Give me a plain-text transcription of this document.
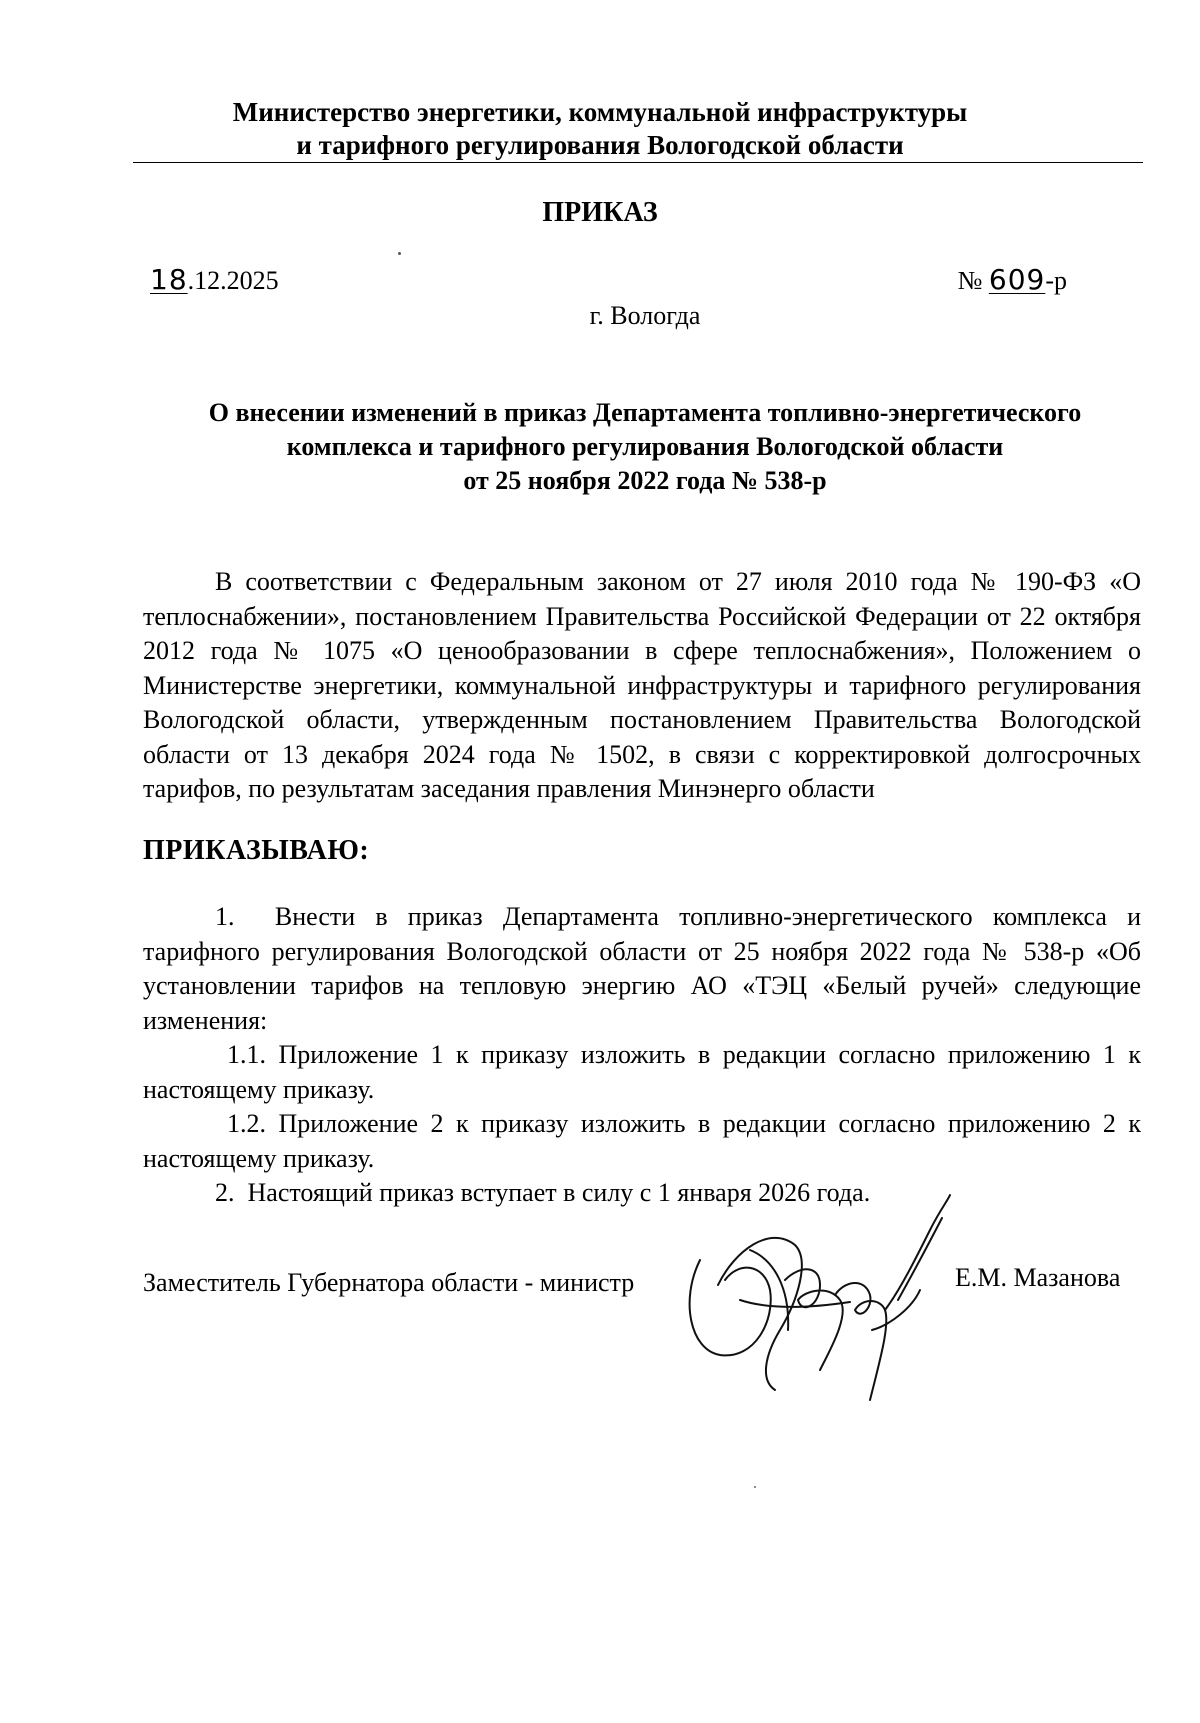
Министерство энергетики, коммунальной инфраструктуры
и тарифного регулирования Вологодской области
ПРИКАЗ
18.12.2025	№ 609-р
г. Вологда
О внесении изменений в приказ Департамента топливно-энергетического
комплекса и тарифного регулирования Вологодской области
от 25 ноября 2022 года № 538-р

В соответствии с Федеральным законом от 27 июля 2010 года № 190-ФЗ «О теплоснабжении», постановлением Правительства Российской Федерации от 22 октября 2012 года № 1075 «О ценообразовании в сфере теплоснабжения», Положением о Министерстве энергетики, коммунальной инфраструктуры и тарифного регулирования Вологодской области, утвержденным постановлением Правительства Вологодской области от 13 декабря 2024 года № 1502, в связи с корректировкой долгосрочных тарифов, по результатам заседания правления Минэнерго области

ПРИКАЗЫВАЮ:

1.  Внести в приказ Департамента топливно-энергетического комплекса и тарифного регулирования Вологодской области от 25 ноября 2022 года № 538-р «Об установлении тарифов на тепловую энергию АО «ТЭЦ «Белый ручей» следующие изменения:

1.1. Приложение 1 к приказу изложить в редакции согласно приложению 1 к настоящему приказу.

1.2. Приложение 2 к приказу изложить в редакции согласно приложению 2 к настоящему приказу.

2.  Настоящий приказ вступает в силу с 1 января 2026 года.

Заместитель Губернатора области - министр	Е.М. Мазанова
